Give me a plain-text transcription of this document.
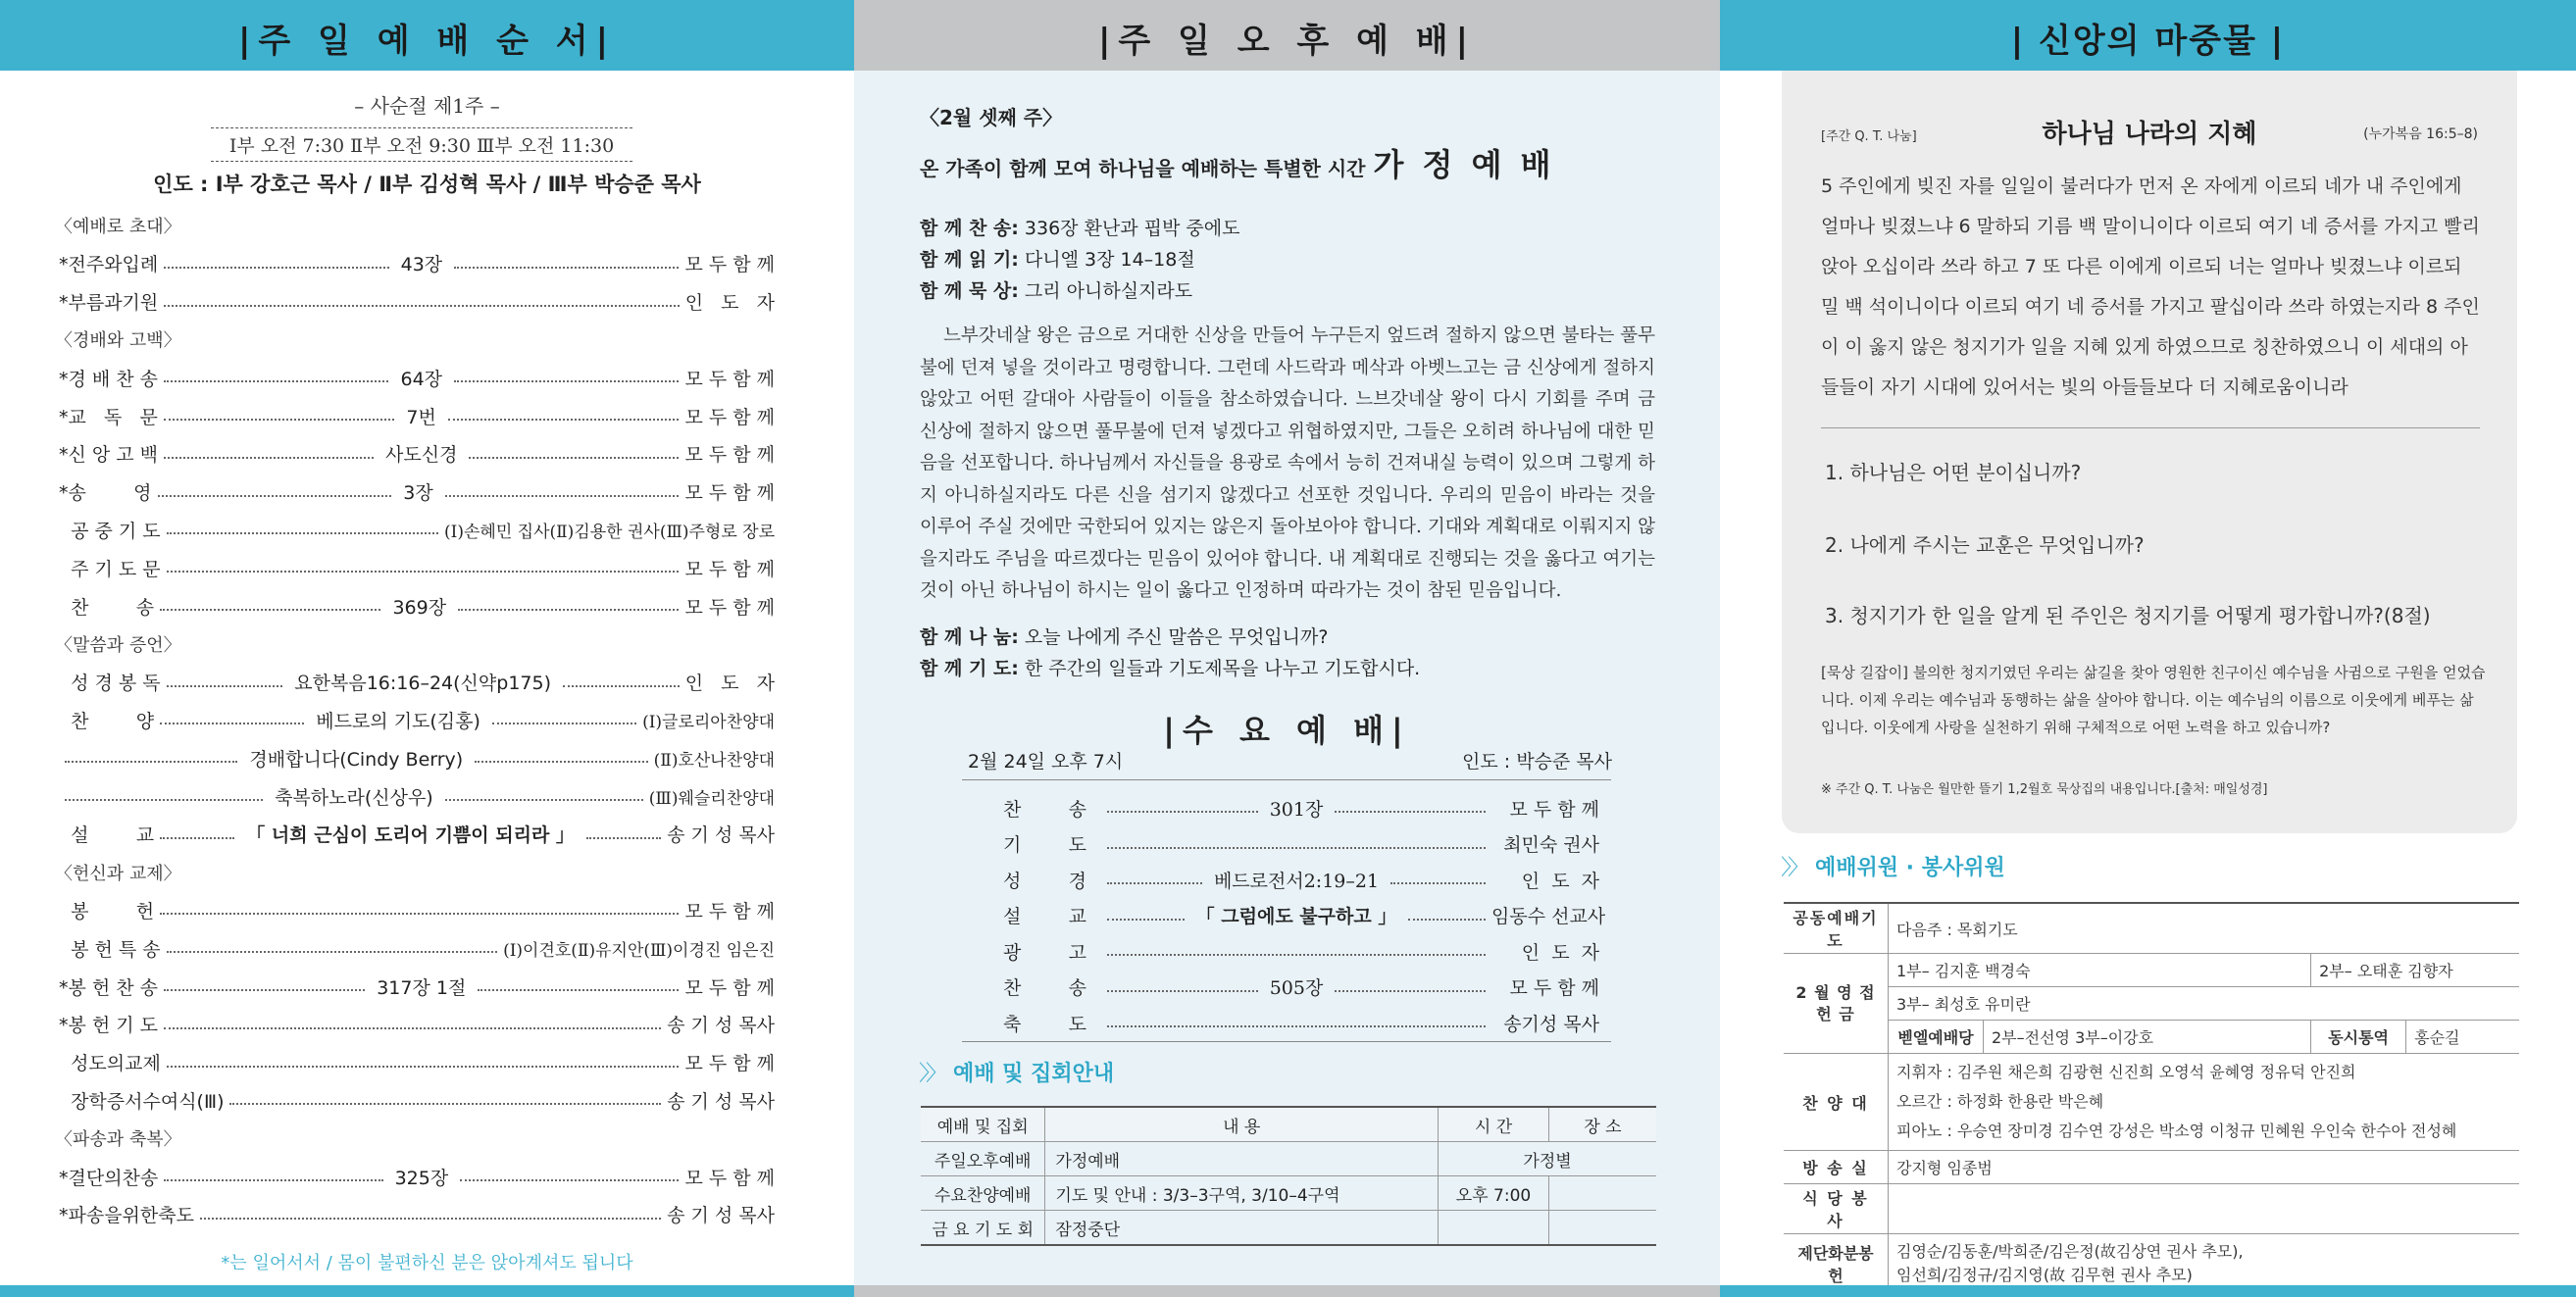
|주 일 예 배 순 서|
– 사순절 제1주 –
Ⅰ부 오전 7:30 Ⅱ부 오전 9:30 Ⅲ부 오전 11:30
인도 : Ⅰ부 강호근 목사 / Ⅱ부 김성혁 목사 / Ⅲ부 박승준 목사
〈예배로 초대〉
*전주와입례	43장	모 두 함 께
*부름과기원	인   도   자
〈경배와 고백〉
*경 배 찬 송	64장	모 두 함 께
*교   독   문	7번	모 두 함 께
*신 앙 고 백	사도신경	모 두 함 께
*송        영	3장	모 두 함 께
공 중 기 도	(Ⅰ)손혜민 집사(Ⅱ)김용한 권사(Ⅲ)주형로 장로
주 기 도 문	모 두 함 께
찬        송	369장	모 두 함 께
〈말씀과 증언〉
성 경 봉 독	요한복음16:16–24(신약p175)	인   도   자
찬        양	베드로의 기도(김홍)	(Ⅰ)글로리아찬양대
경배합니다(Cindy Berry)	(Ⅱ)호산나찬양대
축복하노라(신상우)	(Ⅲ)웨슬리찬양대
설        교	「 너희 근심이 도리어 기쁨이 되리라 」	송 기 성 목사
〈헌신과 교제〉
봉        헌	모 두 함 께
봉 헌 특 송	(Ⅰ)이견호(Ⅱ)유지안(Ⅲ)이경진 임은진
*봉 헌 찬 송	317장 1절	모 두 함 께
*봉 헌 기 도	송 기 성 목사
성도의교제	모 두 함 께
장학증서수여식(Ⅲ)	송 기 성 목사
〈파송과 축복〉
*결단의찬송	325장	모 두 함 께
*파송을위한축도	송 기 성 목사
*는 일어서서 / 몸이 불편하신 분은 앉아계셔도 됩니다
|주 일 오 후 예 배|
〈2월 셋째 주〉
온 가족이 함께 모여 하나님을 예배하는 특별한 시간 가 정 예 배
함 께 찬 송: 336장 환난과 핍박 중에도
함 께 읽 기: 다니엘 3장 14–18절
함 께 묵 상: 그리 아니하실지라도
느부갓네살 왕은 금으로 거대한 신상을 만들어 누구든지 엎드려 절하지 않으면 불타는 풀무불에 던져 넣을 것이라고 명령합니다. 그런데 사드락과 메삭과 아벳느고는 금 신상에게 절하지 않았고 어떤 갈대아 사람들이 이들을 참소하였습니다. 느브갓네살 왕이 다시 기회를 주며 금 신상에 절하지 않으면 풀무불에 던져 넣겠다고 위협하였지만, 그들은 오히려 하나님에 대한 믿음을 선포합니다. 하나님께서 자신들을 용광로 속에서 능히 건져내실 능력이 있으며 그렇게 하지 아니하실지라도 다른 신을 섬기지 않겠다고 선포한 것입니다. 우리의 믿음이 바라는 것을 이루어 주실 것에만 국한되어 있지는 않은지 돌아보아야 합니다. 기대와 계획대로 이뤄지지 않을지라도 주님을 따르겠다는 믿음이 있어야 합니다. 내 계획대로 진행되는 것을 옳다고 여기는 것이 아닌 하나님이 하시는 일이 옳다고 인정하며 따라가는 것이 참된 믿음입니다.
함 께 나 눔: 오늘 나에게 주신 말씀은 무엇입니까?
함 께 기 도: 한 주간의 일들과 기도제목을 나누고 기도합시다.
|수 요 예 배|
2월 24일 오후 7시	인도 : 박승준 목사
찬        송	301장	모 두 함 께
기        도	최민숙 권사
성        경	베드로전서2:19–21	인  도  자
설        교	「 그럼에도 불구하고 」	임동수 선교사
광        고	인  도  자
찬        송	505장	모 두 함 께
축        도	송기성 목사
〉〉 예배 및 집회안내
예배 및 집회	내 용	시 간	장 소
주일오후예배	가정예배	가정별	
수요찬양예배	기도 및 안내 : 3/3–3구역, 3/10–4구역	오후 7:00	
금 요 기 도 회	잠정중단		
| 신앙의 마중물 |
[주간 Q. T. 나눔]	하나님 나라의 지혜	(누가복음 16:5–8)
5 주인에게 빚진 자를 일일이 불러다가 먼저 온 자에게 이르되 네가 내 주인에게 얼마나 빚졌느냐 6 말하되 기름 백 말이니이다 이르되 여기 네 증서를 가지고 빨리 앉아 오십이라 쓰라 하고 7 또 다른 이에게 이르되 너는 얼마나 빚졌느냐 이르되 밀 백 석이니이다 이르되 여기 네 증서를 가지고 팔십이라 쓰라 하였는지라 8 주인이 이 옳지 않은 청지기가 일을 지혜 있게 하였으므로 칭찬하였으니 이 세대의 아들들이 자기 시대에 있어서는 빛의 아들들보다 더 지혜로움이니라
1. 하나님은 어떤 분이십니까?
2. 나에게 주시는 교훈은 무엇입니까?
3. 청지기가 한 일을 알게 된 주인은 청지기를 어떻게 평가합니까?(8절)
[묵상 길잡이] 불의한 청지기였던 우리는 삶길을 찾아 영원한 친구이신 예수님을 사귐으로 구원을 얻었습니다. 이제 우리는 예수님과 동행하는 삶을 살아야 합니다. 이는 예수님의 이름으로 이웃에게 베푸는 삶입니다. 이웃에게 사랑을 실천하기 위해 구체적으로 어떤 노력을 하고 있습니까?
※ 주간 Q. T. 나눔은 월만한 뜰기 1,2월호 묵상집의 내용입니다.[출처: 매일성경]
〉〉 예배위원 · 봉사위원
공동예배기도	다음주 : 목회기도			
2 월 영 접 헌 금	1부– 김지훈 백경숙		2부– 오태훈 김향자	
	3부– 최성호 유미란			
	벧엘예배당	2부–전선영 3부–이강호	동시통역	홍순길
찬 양 대	지휘자 : 김주원 채은희 김광현 신진희 오영석 윤혜영 정유덕 안진희
오르간 : 하정화 한용란 박은혜
피아노 : 우승연 장미경 김수연 강성은 박소영 이청규 민혜원 우인숙 한수아 전성혜			

방 송 실	강지형 임종범			
식 당 봉 사				
제단화분봉헌	김영순/김동훈/박희준/김은정(故김상연 권사 추모),
임선희/김정규/김지영(故 김무현 권사 추모)			
